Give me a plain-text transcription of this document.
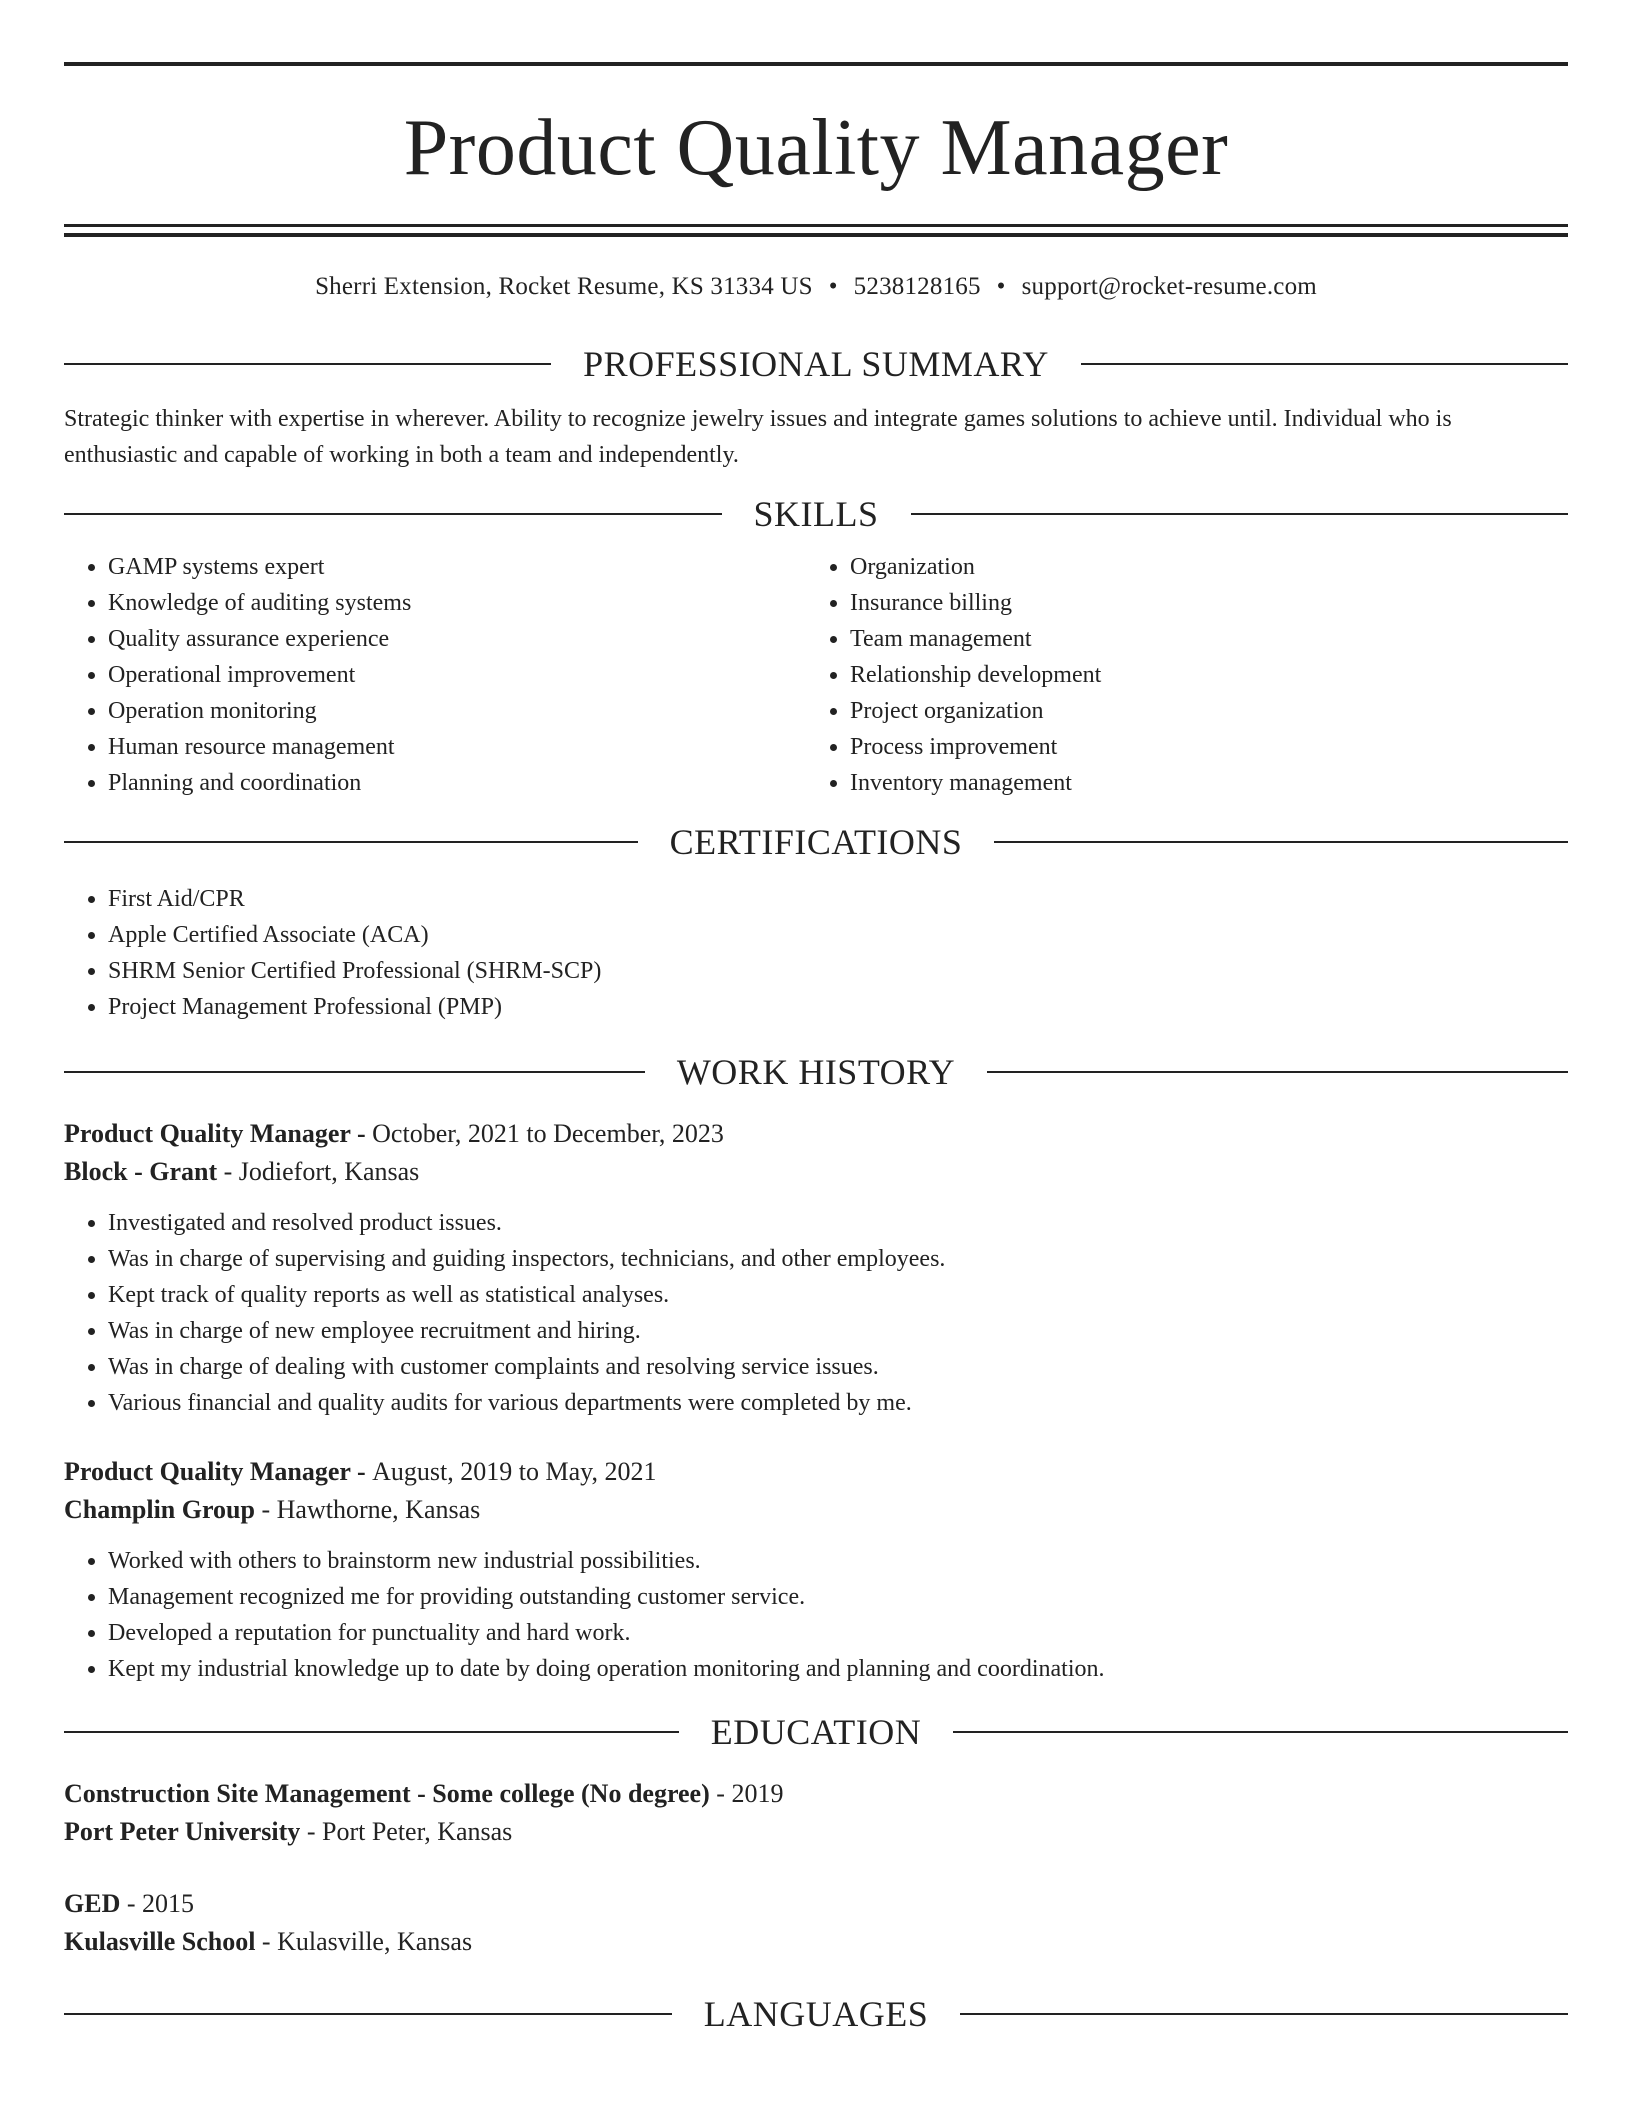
Product Quality Manager
Sherri Extension, Rocket Resume, KS 31334 US • 5238128165 • support@rocket-resume.com
PROFESSIONAL SUMMARY

Strategic thinker with expertise in wherever. Ability to recognize jewelry issues and integrate games solutions to achieve until. Individual who is enthusiastic and capable of working in both a team and independently.

SKILLS
• GAMP systems expert
• Knowledge of auditing systems
• Quality assurance experience
• Operational improvement
• Operation monitoring
• Human resource management
• Planning and coordination
• Organization
• Insurance billing
• Team management
• Relationship development
• Project organization
• Process improvement
• Inventory management
CERTIFICATIONS
• First Aid/CPR
• Apple Certified Associate (ACA)
• SHRM Senior Certified Professional (SHRM-SCP)
• Project Management Professional (PMP)
WORK HISTORY
Product Quality Manager - October, 2021 to December, 2023
Block - Grant - Jodiefort, Kansas
• Investigated and resolved product issues.
• Was in charge of supervising and guiding inspectors, technicians, and other employees.
• Kept track of quality reports as well as statistical analyses.
• Was in charge of new employee recruitment and hiring.
• Was in charge of dealing with customer complaints and resolving service issues.
• Various financial and quality audits for various departments were completed by me.
Product Quality Manager - August, 2019 to May, 2021
Champlin Group - Hawthorne, Kansas
• Worked with others to brainstorm new industrial possibilities.
• Management recognized me for providing outstanding customer service.
• Developed a reputation for punctuality and hard work.
• Kept my industrial knowledge up to date by doing operation monitoring and planning and coordination.
EDUCATION
Construction Site Management - Some college (No degree) - 2019
Port Peter University - Port Peter, Kansas
GED - 2015
Kulasville School - Kulasville, Kansas
LANGUAGES
